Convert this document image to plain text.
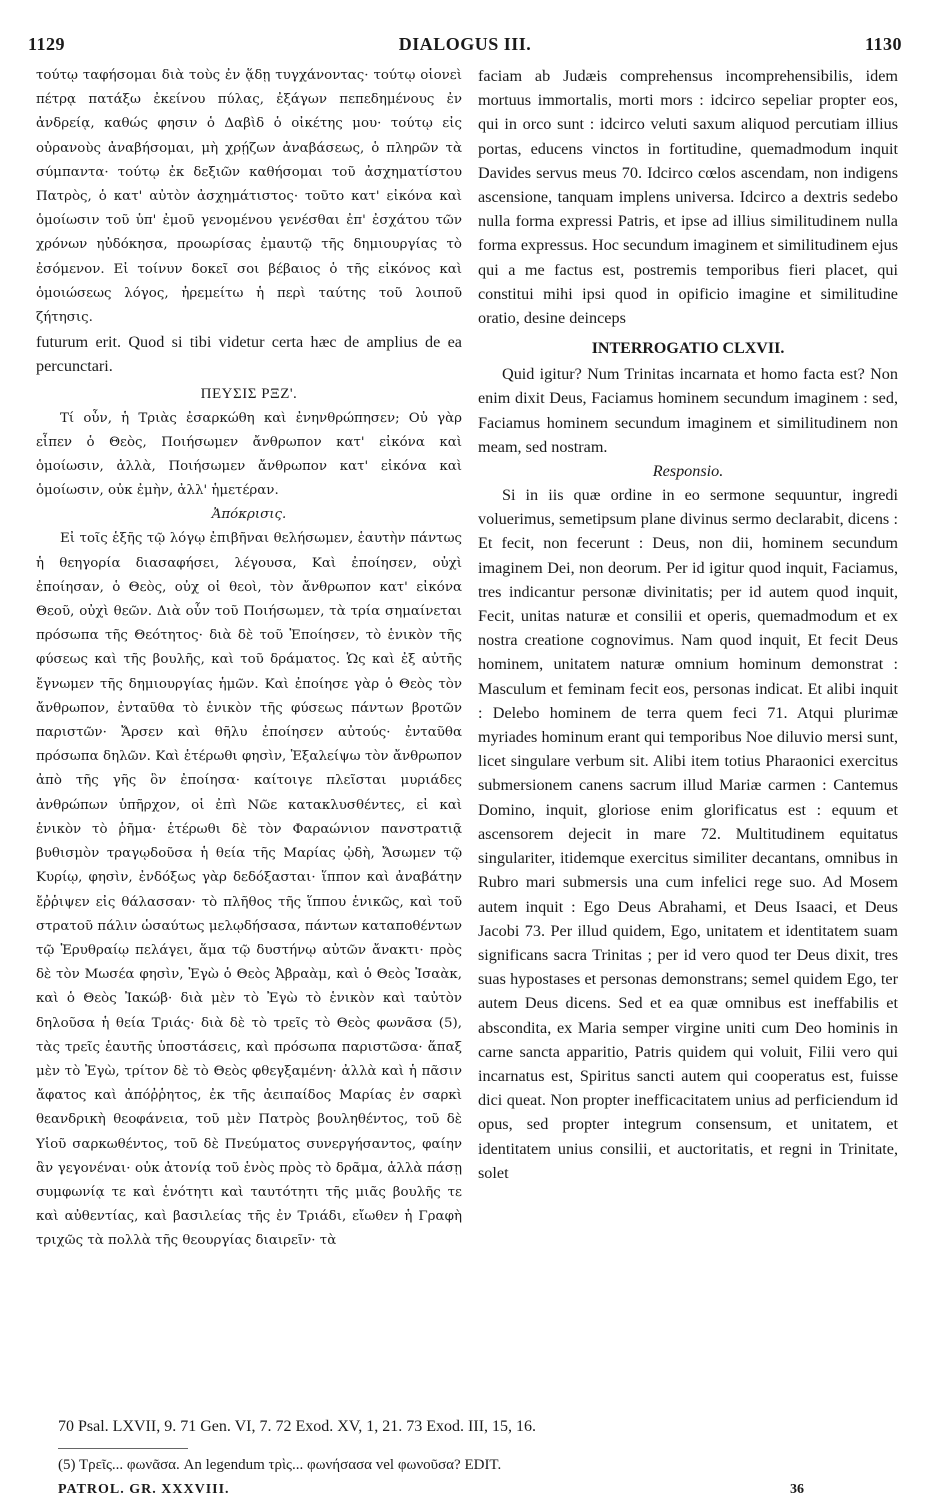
1129	DIALOGUS III.	1130

τούτῳ ταφήσομαι διὰ τοὺς ἐν ᾅδῃ τυγχάνοντας· τούτῳ οἱονεὶ πέτρᾳ πατάξω ἐκείνου πύλας, ἐξάγων πεπεδημένους ἐν ἀνδρείᾳ, καθώς φησιν ὁ Δαβὶδ ὁ οἰκέτης μου· τούτῳ εἰς οὐρανοὺς ἀναβήσομαι, μὴ χρῄζων ἀναβάσεως, ὁ πληρῶν τὰ σύμπαντα· τούτῳ ἐκ δεξιῶν καθήσομαι τοῦ ἀσχηματίστου Πατρὸς, ὁ κατ' αὐτὸν ἀσχημάτιστος· τοῦτο κατ' εἰκόνα καὶ ὁμοίωσιν τοῦ ὑπ' ἐμοῦ γενομένου γενέσθαι ἐπ' ἐσχάτου τῶν χρόνων ηὐδόκησα, προωρίσας ἐμαυτῷ τῆς δημιουργίας τὸ ἐσόμενον. Εἰ τοίνυν δοκεῖ σοι βέβαιος ὁ τῆς εἰκόνος καὶ ὁμοιώσεως λόγος, ἠρεμείτω ἡ περὶ ταύτης τοῦ λοιποῦ ζήτησις.

futurum erit. Quod si tibi videtur certa hæc de amplius de ea percunctari.

ΠΕΥΣΙΣ ΡΞΖ'.

Τί οὖν, ἡ Τριὰς ἐσαρκώθη καὶ ἐνηνθρώπησεν; Οὐ γὰρ εἶπεν ὁ Θεὸς, Ποιήσωμεν ἄνθρωπον κατ' εἰκόνα καὶ ὁμοίωσιν, ἀλλὰ, Ποιήσωμεν ἄνθρωπον κατ' εἰκόνα καὶ ὁμοίωσιν, οὐκ ἐμὴν, ἀλλ' ἡμετέραν.

Ἀπόκρισις.

Εἰ τοῖς ἑξῆς τῷ λόγῳ ἐπιβῆναι θελήσωμεν, ἑαυτὴν πάντως ἡ θεηγορία διασαφήσει, λέγουσα, Καὶ ἐποίησεν, οὐχὶ ἐποίησαν, ὁ Θεὸς, οὐχ οἱ θεοὶ, τὸν ἄνθρωπον κατ' εἰκόνα Θεοῦ, οὐχὶ θεῶν. Διὰ οὖν τοῦ Ποιήσωμεν, τὰ τρία σημαίνεται πρόσωπα τῆς Θεότητος· διὰ δὲ τοῦ Ἐποίησεν, τὸ ἑνικὸν τῆς φύσεως καὶ τῆς βουλῆς, καὶ τοῦ δράματος. Ὡς καὶ ἐξ αὐτῆς ἔγνωμεν τῆς δημιουργίας ἡμῶν. Καὶ ἐποίησε γὰρ ὁ Θεὸς τὸν ἄνθρωπον, ἐνταῦθα τὸ ἑνικὸν τῆς φύσεως πάντων βροτῶν παριστῶν· Ἄρσεν καὶ θῆλυ ἐποίησεν αὐτούς· ἐνταῦθα πρόσωπα δηλῶν. Καὶ ἑτέρωθι φησὶν, Ἐξαλείψω τὸν ἄνθρωπον ἀπὸ τῆς γῆς ὃν ἐποίησα· καίτοιγε πλεῖσται μυριάδες ἀνθρώπων ὑπῆρχον, οἱ ἐπὶ Νῶε κατακλυσθέντες, εἰ καὶ ἑνικὸν τὸ ῥῆμα· ἑτέρωθι δὲ τὸν Φαραώνιον πανστρατιᾷ βυθισμὸν τραγῳδοῦσα ἡ θεία τῆς Μαρίας ᾠδὴ, Ἄσωμεν τῷ Κυρίῳ, φησὶν, ἐνδόξως γὰρ δεδόξασται· ἵππον καὶ ἀναβάτην ἔῤῥιψεν εἰς θάλασσαν· τὸ πλῆθος τῆς ἵππου ἑνικῶς, καὶ τοῦ στρατοῦ πάλιν ὡσαύτως μελῳδήσασα, πάντων καταποθέντων τῷ Ἐρυθραίῳ πελάγει, ἅμα τῷ δυστήνῳ αὐτῶν ἄνακτι· πρὸς δὲ τὸν Μωσέα φησὶν, Ἐγὼ ὁ Θεὸς Ἀβραὰμ, καὶ ὁ Θεὸς Ἰσαὰκ, καὶ ὁ Θεὸς Ἰακώβ· διὰ μὲν τὸ Ἐγὼ τὸ ἑνικὸν καὶ ταὐτὸν δηλοῦσα ἡ θεία Τριάς· διὰ δὲ τὸ τρεῖς τὸ Θεὸς φωνᾶσα (5), τὰς τρεῖς ἑαυτῆς ὑποστάσεις, καὶ πρόσωπα παριστῶσα· ἅπαξ μὲν τὸ Ἐγὼ, τρίτον δὲ τὸ Θεὸς φθεγξαμένη· ἀλλὰ καὶ ἡ πᾶσιν ἄφατος καὶ ἀπόῤῥητος, ἐκ τῆς ἀειπαίδος Μαρίας ἐν σαρκὶ θεανδρικὴ θεοφάνεια, τοῦ μὲν Πατρὸς βουληθέντος, τοῦ δὲ Υἱοῦ σαρκωθέντος, τοῦ δὲ Πνεύματος συνεργήσαντος, φαίην ἂν γεγονέναι· οὐκ ἀτονίᾳ τοῦ ἑνὸς πρὸς τὸ δρᾶμα, ἀλλὰ πάσῃ συμφωνίᾳ τε καὶ ἑνότητι καὶ ταυτότητι τῆς μιᾶς βουλῆς τε καὶ αὐθεντίας, καὶ βασιλείας τῆς ἐν Τριάδι, εἴωθεν ἡ Γραφὴ τριχῶς τὰ πολλὰ τῆς θεουργίας διαιρεῖν· τὰ

faciam ab Judæis comprehensus incomprehensibilis, idem mortuus immortalis, morti mors : idcirco sepeliar propter eos, qui in orco sunt : idcirco veluti saxum aliquod percutiam illius portas, educens vinctos in fortitudine, quemadmodum inquit Davides servus meus 70. Idcirco cœlos ascendam, non indigens ascensione, tanquam implens universa. Idcirco a dextris sedebo nulla forma expressi Patris, et ipse ad illius similitudinem nulla forma expressus. Hoc secundum imaginem et similitudinem ejus qui a me factus est, postremis temporibus fieri placet, qui constitui mihi ipsi quod in opificio imagine et similitudine oratio, desine deinceps

INTERROGATIO CLXVII.

Quid igitur? Num Trinitas incarnata et homo facta est? Non enim dixit Deus, Faciamus hominem secundum imaginem : sed, Faciamus hominem secundum imaginem et similitudinem non meam, sed nostram.

Responsio.

Si in iis quæ ordine in eo sermone sequuntur, ingredi voluerimus, semetipsum plane divinus sermo declarabit, dicens : Et fecit, non fecerunt : Deus, non dii, hominem secundum imaginem Dei, non deorum. Per id igitur quod inquit, Faciamus, tres indicantur personæ divinitatis; per id autem quod inquit, Fecit, unitas naturæ et consilii et operis, quemadmodum et ex nostra creatione cognovimus. Nam quod inquit, Et fecit Deus hominem, unitatem naturæ omnium hominum demonstrat : Masculum et feminam fecit eos, personas indicat. Et alibi inquit : Delebo hominem de terra quem feci 71. Atqui plurimæ myriades hominum erant qui temporibus Noe diluvio mersi sunt, licet singulare verbum sit. Alibi item totius Pharaonici exercitus submersionem canens sacrum illud Mariæ carmen : Cantemus Domino, inquit, gloriose enim glorificatus est : equum et ascensorem dejecit in mare 72. Multitudinem equitatus singulariter, itidemque exercitus similiter decantans, omnibus in Rubro mari submersis una cum infelici rege suo. Ad Mosem autem inquit : Ego Deus Abrahami, et Deus Isaaci, et Deus Jacobi 73. Per illud quidem, Ego, unitatem et identitatem suam significans sacra Trinitas ; per id vero quod ter Deus dixit, tres suas hypostases et personas demonstrans; semel quidem Ego, ter autem Deus dicens. Sed et ea quæ omnibus est ineffabilis et abscondita, ex Maria semper virgine uniti cum Deo hominis in carne sancta apparitio, Patris quidem qui voluit, Filii vero qui incarnatus est, Spiritus sancti autem qui cooperatus est, fuisse dici queat. Non propter inefficacitatem unius ad perficiendum id opus, sed propter integrum consensum, et unitatem, et identitatem unius consilii, et auctoritatis, et regni in Trinitate, solet

70 Psal. LXVII, 9. 71 Gen. VI, 7. 72 Exod. XV, 1, 21. 73 Exod. III, 15, 16.
(5) Τρεῖς... φωνᾶσα. An legendum τρὶς... φωνήσασα vel φωνοῦσα? EDIT.
PATROL. GR. XXXVIII.	36
